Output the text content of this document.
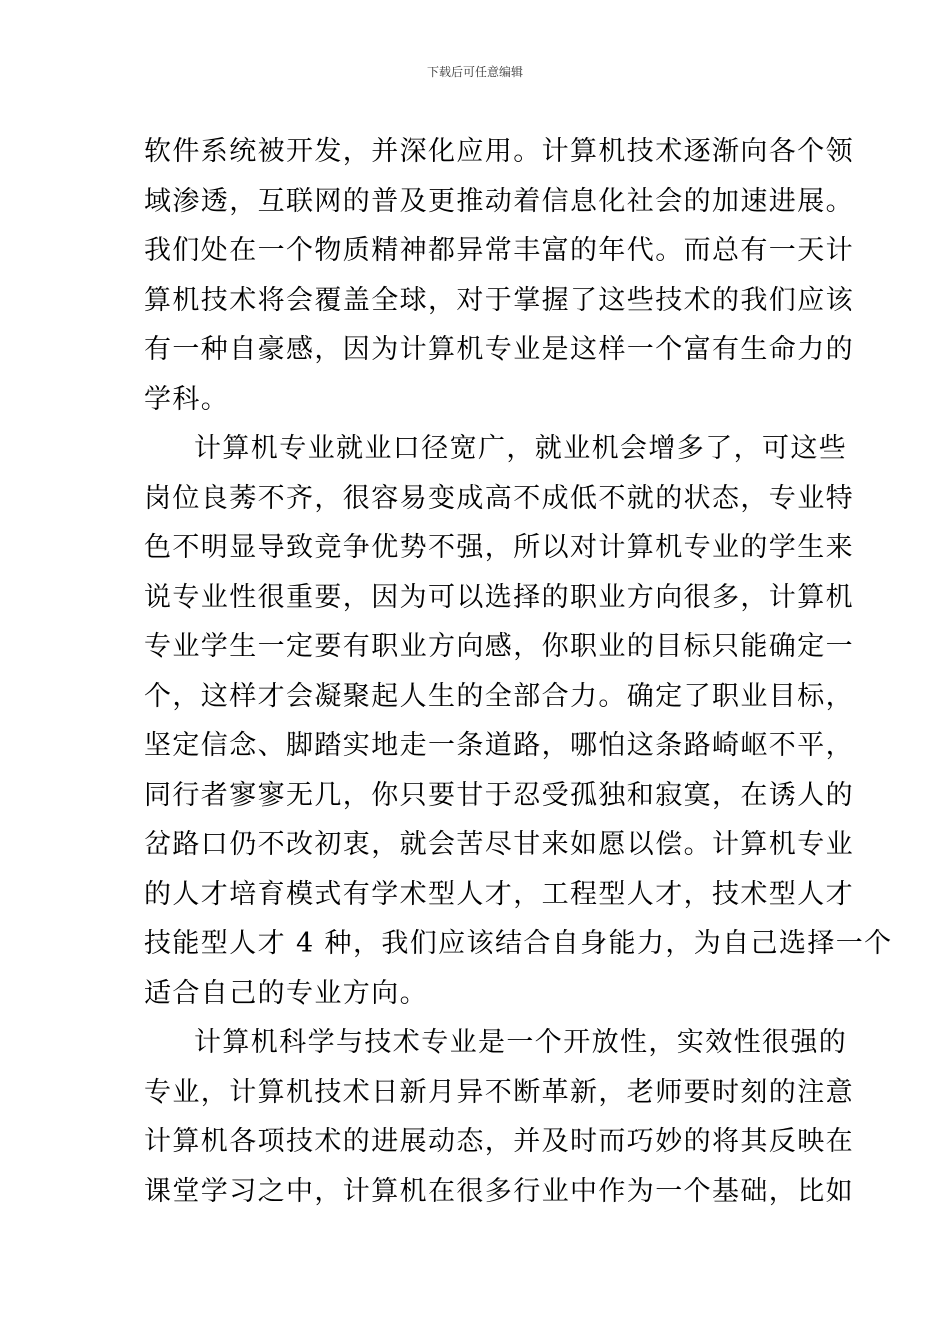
下载后可任意编辑
软件系统被开发，并深化应用。计算机技术逐渐向各个领
域渗透，互联网的普及更推动着信息化社会的加速进展。
我们处在一个物质精神都异常丰富的年代。而总有一天计
算机技术将会覆盖全球，对于掌握了这些技术的我们应该
有一种自豪感，因为计算机专业是这样一个富有生命力的
学科。
计算机专业就业口径宽广，就业机会增多了，可这些
岗位良莠不齐，很容易变成高不成低不就的状态，专业特
色不明显导致竞争优势不强，所以对计算机专业的学生来
说专业性很重要，因为可以选择的职业方向很多，计算机
专业学生一定要有职业方向感，你职业的目标只能确定一
个，这样才会凝聚起人生的全部合力。确定了职业目标，
坚定信念、脚踏实地走一条道路，哪怕这条路崎岖不平，
同行者寥寥无几，你只要甘于忍受孤独和寂寞，在诱人的
岔路口仍不改初衷，就会苦尽甘来如愿以偿。计算机专业
的人才培育模式有学术型人才，工程型人才，技术型人才
技能型人才 4 种，我们应该结合自身能力，为自己选择一个
适合自己的专业方向。
计算机科学与技术专业是一个开放性，实效性很强的
专业，计算机技术日新月异不断革新，老师要时刻的注意
计算机各项技术的进展动态，并及时而巧妙的将其反映在
课堂学习之中，计算机在很多行业中作为一个基础，比如
